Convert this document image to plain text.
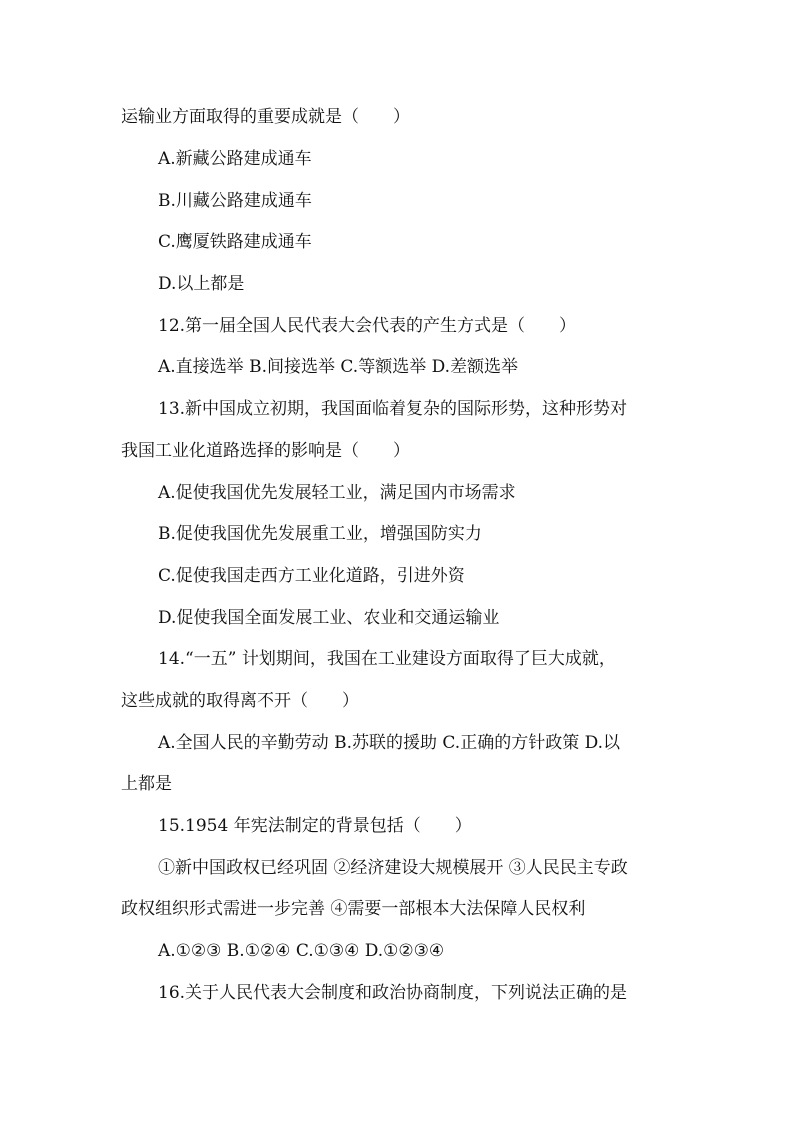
运输业方面取得的重要成就是（　　）
A.新藏公路建成通车
B.川藏公路建成通车
C.鹰厦铁路建成通车
D.以上都是
12.第一届全国人民代表大会代表的产生方式是（　　）
A.直接选举 B.间接选举 C.等额选举 D.差额选举
13.新中国成立初期，我国面临着复杂的国际形势，这种形势对
我国工业化道路选择的影响是（　　）
A.促使我国优先发展轻工业，满足国内市场需求
B.促使我国优先发展重工业，增强国防实力
C.促使我国走西方工业化道路，引进外资
D.促使我国全面发展工业、农业和交通运输业
14.“一五” 计划期间，我国在工业建设方面取得了巨大成就，
这些成就的取得离不开（　　）
A.全国人民的辛勤劳动 B.苏联的援助 C.正确的方针政策 D.以
上都是
15.1954 年宪法制定的背景包括（　　）
①新中国政权已经巩固 ②经济建设大规模展开 ③人民民主专政
政权组织形式需进一步完善 ④需要一部根本大法保障人民权利
A.①②③ B.①②④ C.①③④ D.①②③④
16.关于人民代表大会制度和政治协商制度，下列说法正确的是
